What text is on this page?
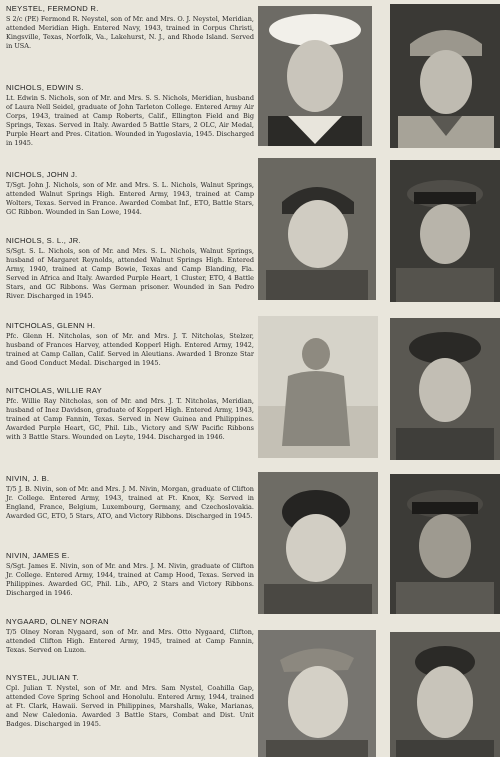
NEYSTEL, FERMOND R.
S 2/c (PE) Fermond R. Neystel, son of Mr. and Mrs. O. J. Neystel, Meridian, attended Meridian High. Entered Navy, 1943, trained in Corpus Christi, Kingsville, Texas, Norfolk, Va., Lakehurst, N. J., and Rhode Island. Served in USA.
NICHOLS, EDWIN S.
Lt. Edwin S. Nichols, son of Mr. and Mrs. S. S. Nichols, Meridian, husband of Laura Nell Seidel, graduate of John Tarleton College. Entered Army Air Corps, 1943, trained at Camp Roberts, Calif., Ellington Field and Big Springs, Texas. Served in Italy. Awarded 5 Battle Stars, 2 OLC, Air Medal, Purple Heart and Pres. Citation. Wounded in Yugoslavia, 1945. Discharged in 1945.
NICHOLS, JOHN J.
T/Sgt. John J. Nichols, son of Mr. and Mrs. S. L. Nichols, Walnut Springs, attended Walnut Springs High. Entered Army, 1943, trained at Camp Wolters, Texas. Served in France. Awarded Combat Inf., ETO, Battle Stars, GC Ribbon. Wounded in San Lowe, 1944.
NICHOLS, S. L., JR.
S/Sgt. S. L. Nichols, son of Mr. and Mrs. S. L. Nichols, Walnut Springs, husband of Margaret Reynolds, attended Walnut Springs High. Entered Army, 1940, trained at Camp Bowie, Texas and Camp Blanding, Fla. Served in Africa and Italy. Awarded Purple Heart, 1 Cluster, ETO, 4 Battle Stars, and GC Ribbons. Was German prisoner. Wounded in San Pedro River. Discharged in 1945.
NITCHOLAS, GLENN H.
Pfc. Glenn H. Nitcholas, son of Mr. and Mrs. J. T. Nitcholas, Stelzer, husband of Frances Harvey, attended Kopperl High. Entered Army, 1942, trained at Camp Callan, Calif. Served in Aleutians. Awarded 1 Bronze Star and Good Conduct Medal. Discharged in 1945.
NITCHOLAS, WILLIE RAY
Pfc. Willie Ray Nitcholas, son of Mr. and Mrs. J. T. Nitcholas, Meridian, husband of Inez Davidson, graduate of Kopperl High. Entered Army, 1943, trained at Camp Fannin, Texas. Served in New Guinea and Philippines. Awarded Purple Heart, GC, Phil. Lib., Victory and S/W Pacific Ribbons with 3 Battle Stars. Wounded on Leyte, 1944. Discharged in 1946.
NIVIN, J. B.
T/5 J. B. Nivin, son of Mr. and Mrs. J. M. Nivin, Morgan, graduate of Clifton Jr. College. Entered Army, 1943, trained at Ft. Knox, Ky. Served in England, France, Belgium, Luxembourg, Germany, and Czechoslovakia. Awarded GC, ETO, 5 Stars, ATO, and Victory Ribbons. Discharged in 1945.
NIVIN, JAMES E.
S/Sgt. James E. Nivin, son of Mr. and Mrs. J. M. Nivin, graduate of Clifton Jr. College. Entered Army, 1944, trained at Camp Hood, Texas. Served in Philippines. Awarded GC, Phil. Lib., APO, 2 Stars and Victory Ribbons. Discharged in 1946.
NYGAARD, OLNEY NORAN
T/5 Olney Noran Nygaard, son of Mr. and Mrs. Otto Nygaard, Clifton, attended Clifton High. Entered Army, 1945, trained at Camp Fannin, Texas. Served on Luzon.
NYSTEL, JULIAN T.
Cpl. Julian T. Nystel, son of Mr. and Mrs. Sam Nystel, Coahilla Gap, attended Cove Spring School and Honolulu. Entered Army, 1944, trained at Ft. Clark, Hawaii. Served in Philippines, Marshalls, Wake, Marianas, and New Caledonia. Awarded 3 Battle Stars, Combat and Dist. Unit Badges. Discharged in 1945.
